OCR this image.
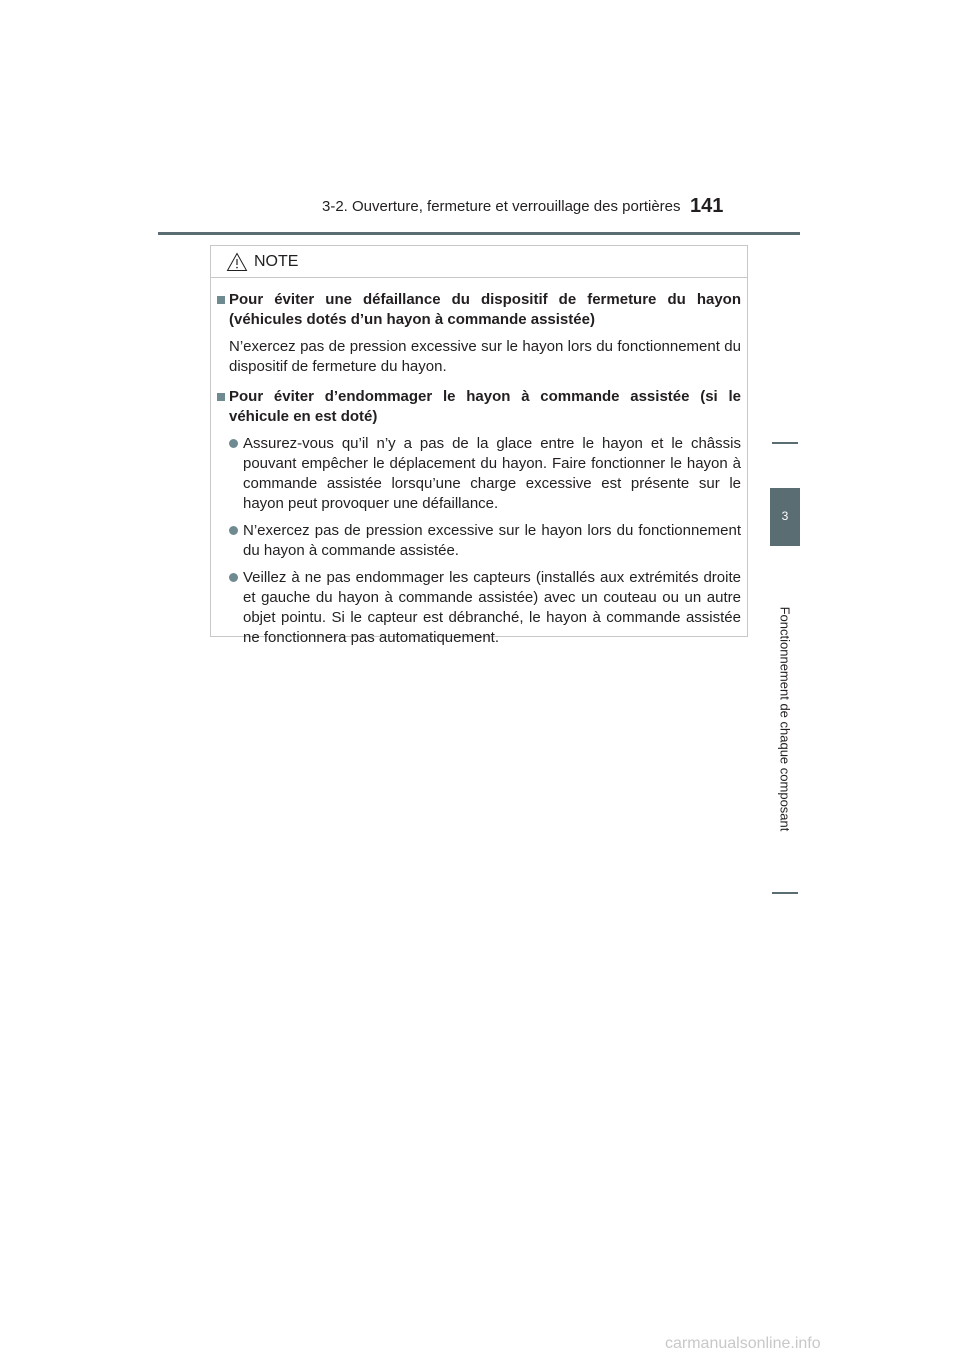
3-2. Ouverture, fermeture et verrouillage des portières 141
3
Fonctionnement de chaque composant
NOTE
Pour éviter une défaillance du dispositif de fermeture du hayon (véhicules dotés d’un hayon à commande assistée)
N’exercez pas de pression excessive sur le hayon lors du fonctionnement du dispositif de fermeture du hayon.
Pour éviter d’endommager le hayon à commande assistée (si le véhicule en est doté)
Assurez-vous qu’il n’y a pas de la glace entre le hayon et le châssis pouvant empêcher le déplacement du hayon. Faire fonctionner le hayon à commande assistée lorsqu’une charge excessive est présente sur le hayon peut provoquer une défaillance.
N’exercez pas de pression excessive sur le hayon lors du fonctionnement du hayon à commande assistée.
Veillez à ne pas endommager les capteurs (installés aux extrémités droite et gauche du hayon à commande assistée) avec un couteau ou un autre objet pointu. Si le capteur est débranché, le hayon à commande assistée ne fonctionnera pas automatiquement.
carmanualsonline.info
